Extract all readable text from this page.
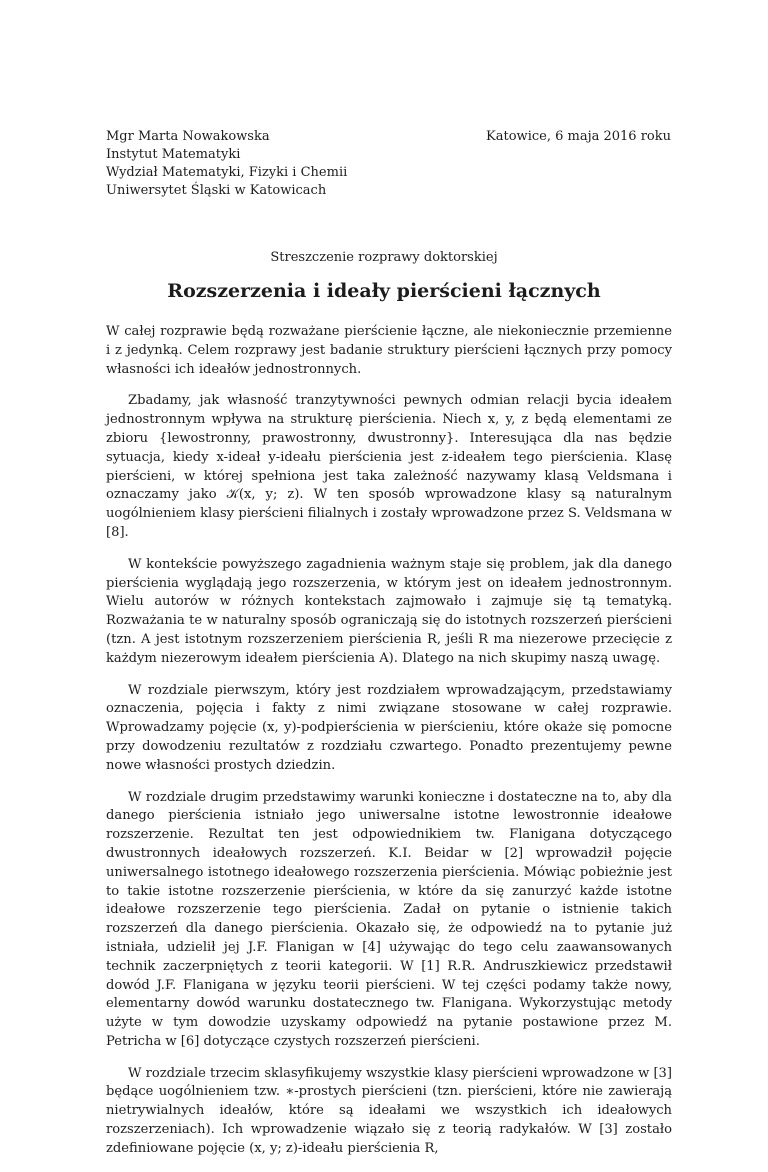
Mgr Marta Nowakowska
Instytut Matematyki
Wydział Matematyki, Fizyki i Chemii
Uniwersytet Śląski w Katowicach
Katowice, 6 maja 2016 roku
Streszczenie rozprawy doktorskiej
Rozszerzenia i ideały pierścieni łącznych

W całej rozprawie będą rozważane pierścienie łączne, ale niekoniecznie przemienne i z jedynką. Celem rozprawy jest badanie struktury pierścieni łącznych przy pomocy własności ich ideałów jednostronnych.

Zbadamy, jak własność tranzytywności pewnych odmian relacji bycia ideałem jednostronnym wpływa na strukturę pierścienia. Niech x, y, z będą elementami ze zbioru {lewostronny, prawostronny, dwustronny}. Interesująca dla nas będzie sytuacja, kiedy x-ideał y-ideału pierścienia jest z-ideałem tego pierścienia. Klasę pierścieni, w której spełniona jest taka zależność nazywamy klasą Veldsmana i oznaczamy jako 𝒦(x, y; z). W ten sposób wprowadzone klasy są naturalnym uogólnieniem klasy pierścieni filialnych i zostały wprowadzone przez S. Veldsmana w [8].

W kontekście powyższego zagadnienia ważnym staje się problem, jak dla danego pierścienia wyglądają jego rozszerzenia, w którym jest on ideałem jednostronnym. Wielu autorów w różnych kontekstach zajmowało i zajmuje się tą tematyką. Rozważania te w naturalny sposób ograniczają się do istotnych rozszerzeń pierścieni (tzn. A jest istotnym rozszerzeniem pierścienia R, jeśli R ma niezerowe przecięcie z każdym niezerowym ideałem pierścienia A). Dlatego na nich skupimy naszą uwagę.

W rozdziale pierwszym, który jest rozdziałem wprowadzającym, przedstawiamy oznaczenia, pojęcia i fakty z nimi związane stosowane w całej rozprawie. Wprowadzamy pojęcie (x, y)-podpierścienia w pierścieniu, które okaże się pomocne przy dowodzeniu rezultatów z rozdziału czwartego. Ponadto prezentujemy pewne nowe własności prostych dziedzin.

W rozdziale drugim przedstawimy warunki konieczne i dostateczne na to, aby dla danego pierścienia istniało jego uniwersalne istotne lewostronnie ideałowe rozszerzenie. Rezultat ten jest odpowiednikiem tw. Flanigana dotyczącego dwustronnych ideałowych rozszerzeń. K.I. Beidar w [2] wprowadził pojęcie uniwersalnego istotnego ideałowego rozszerzenia pierścienia. Mówiąc pobieżnie jest to takie istotne rozszerzenie pierścienia, w które da się zanurzyć każde istotne ideałowe rozszerzenie tego pierścienia. Zadał on pytanie o istnienie takich rozszerzeń dla danego pierścienia. Okazało się, że odpowiedź na to pytanie już istniała, udzielił jej J.F. Flanigan w [4] używając do tego celu zaawansowanych technik zaczerpniętych z teorii kategorii. W [1] R.R. Andruszkiewicz przedstawił dowód J.F. Flanigana w języku teorii pierścieni. W tej części podamy także nowy, elementarny dowód warunku dostatecznego tw. Flanigana. Wykorzystując metody użyte w tym dowodzie uzyskamy odpowiedź na pytanie postawione przez M. Petricha w [6] dotyczące czystych rozszerzeń pierścieni.

W rozdziale trzecim sklasyfikujemy wszystkie klasy pierścieni wprowadzone w [3] będące uogólnieniem tzw. ∗-prostych pierścieni (tzn. pierścieni, które nie zawierają nietrywialnych ideałów, które są ideałami we wszystkich ich ideałowych rozszerzeniach). Ich wprowadzenie wiązało się z teorią radykałów. W [3] zostało zdefiniowane pojęcie (x, y; z)-ideału pierścienia R,
